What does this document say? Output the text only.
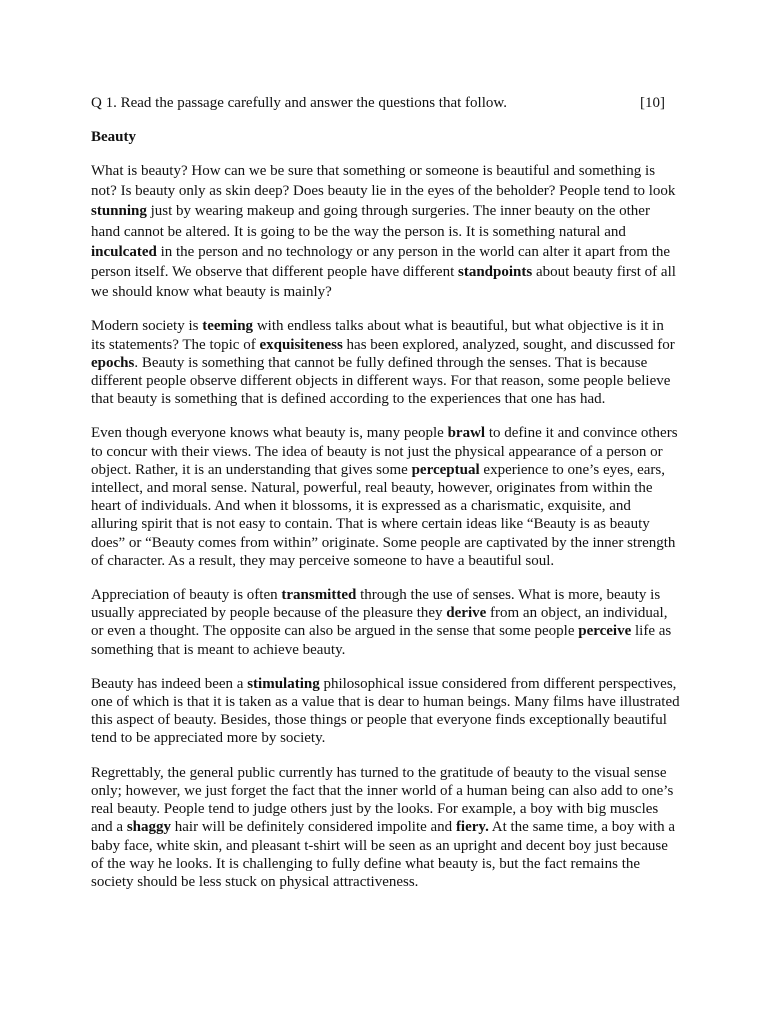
Q 1. Read the passage carefully and answer the questions that follow.	[10]
Beauty

What is beauty? How can we be sure that something or someone is beautiful and something is not? Is beauty only as skin deep? Does beauty lie in the eyes of the beholder? People tend to look stunning just by wearing makeup and going through surgeries. The inner beauty on the other hand cannot be altered. It is going to be the way the person is. It is something natural and inculcated in the person and no technology or any person in the world can alter it apart from the person itself. We observe that different people have different standpoints about beauty first of all we should know what beauty is mainly?

Modern society is teeming with endless talks about what is beautiful, but what objective is it in its statements? The topic of exquisiteness has been explored, analyzed, sought, and discussed for epochs. Beauty is something that cannot be fully defined through the senses. That is because different people observe different objects in different ways. For that reason, some people believe that beauty is something that is defined according to the experiences that one has had.

Even though everyone knows what beauty is, many people brawl to define it and convince others to concur with their views. The idea of beauty is not just the physical appearance of a person or object. Rather, it is an understanding that gives some perceptual experience to one’s eyes, ears, intellect, and moral sense. Natural, powerful, real beauty, however, originates from within the heart of individuals. And when it blossoms, it is expressed as a charismatic, exquisite, and alluring spirit that is not easy to contain. That is where certain ideas like “Beauty is as beauty does” or “Beauty comes from within” originate. Some people are captivated by the inner strength of character. As a result, they may perceive someone to have a beautiful soul.

Appreciation of beauty is often transmitted through the use of senses. What is more, beauty is usually appreciated by people because of the pleasure they derive from an object, an individual, or even a thought. The opposite can also be argued in the sense that some people perceive life as something that is meant to achieve beauty.

Beauty has indeed been a stimulating philosophical issue considered from different perspectives, one of which is that it is taken as a value that is dear to human beings. Many films have illustrated this aspect of beauty. Besides, those things or people that everyone finds exceptionally beautiful tend to be appreciated more by society.

Regrettably, the general public currently has turned to the gratitude of beauty to the visual sense only; however, we just forget the fact that the inner world of a human being can also add to one’s real beauty. People tend to judge others just by the looks. For example, a boy with big muscles and a shaggy hair will be definitely considered impolite and fiery. At the same time, a boy with a baby face, white skin, and pleasant t-shirt will be seen as an upright and decent boy just because of the way he looks. It is challenging to fully define what beauty is, but the fact remains the society should be less stuck on physical attractiveness.
